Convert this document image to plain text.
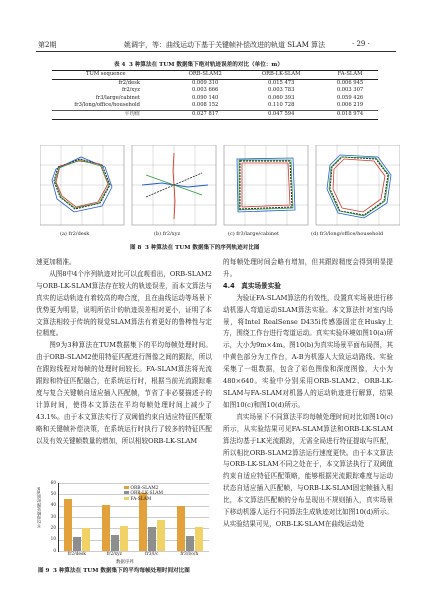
第2期	姚调宇，等：曲线运动下基于关键帧补偿改进的轨道 SLAM 算法	· 29 ·
表 4 3 种算法在 TUM 数据集下绝对轨迹误差的对比（单位：m）
TUM sequence	ORB-SLAM2	ORB-LK-SLAM	FA-SLAM
fr2/desk	0.009 310	0.015 473	0.006 945
fr2/xyz	0.003 666	0.003 783	0.003 307
fr3/large/cabinet	0.090 140	0.060 393	0.059 426
fr3/long/office/household	0.008 152	0.110 728	0.006 219
平均值	0.027 817	0.047 594	0.018 974
(a) fr2/desk	(b) fr2/xyz	(c) fr3/large/cabinet	(d) fr3/long/office/household
图 8 3 种算法在 TUM 数据集下的序列轨迹对比图

速更加精准。

从图8中4个序列轨迹对比可以直观看出，ORB-SLAM2与ORB-LK-SLAM算法存在较大的轨迹误差，而本文算法与真实的运动轨迹有着较高的吻合度，且在曲线运动等场景下优势更为明显，说明所估计的轨迹误差相对更小，证明了本文算法相较于传统的视觉SLAM算法有着更好的鲁棒性与定位精度。

图9为3种算法在TUM数据集下的平均每帧处理时间。由于ORB-SLAM2使用特征匹配进行图像之间的跟踪，所以在跟踪线程对每帧的处理时间较长。FA-SLAM算法将光流跟踪和特征匹配融合，在系统运行时，根据当前光流跟踪难度与复合关键帧自适应插入匹配帧，节省了非必要描述子的计算时间，使得本文算法在平均每帧处理时间上减少了43.1%。由于本文算法实行了双阈值约束自适应特征匹配策略和关键帧补偿决策，在系统运行时执行了较多的特征匹配以及有效关键帧数量的增加，所以相较ORB-LK-SLAM

平均每帧处理时间/ms
0
10
20
30
40
50
60
ORB-SLAM2
ORB-LK-SLAM
FA-SLAM
fr2/desk	fr2/xyz	fr3/l/c	fr3/l/o/h
数据序列
图 9 3 种算法在 TUM 数据集下的平均每帧处理时间对比图

的每帧处理时间会略有增加，但其跟踪精度会得到明显提升。

4.4　真实场景实验

为验证FA-SLAM算法的有效性，设置真实场景进行移动机器人弯道运动SLAM算法实验。本文算法针对室内场景，将Intel RealSense D435i传感器固定在Husky上方，围绕工作台进行弯道运动。真实实验环境如图10(a)所示，大小为9m×4m。图10(b)为真实场景平面布局图，其中黄色部分为工作台，A-B为机器人大致运动路线。实验采集了一组数据，包含了彩色图像和深度图像，大小为480×640。实验中分别采用ORB-SLAM2、ORB-LK-SLAM与FA-SLAM对机器人的运动轨迹进行解算，结果如图10(c)和图10(d)所示。

真实场景下不同算法平均每帧处理时间对比如图10(c)所示，从实验结果可见FA-SLAM算法和ORB-LK-SLAM算法均基于LK光流跟踪，无需全局进行特征提取与匹配，所以相比ORB-SLAM2算法运行速度更快。由于本文算法与ORB-LK-SLAM不同之处在于，本文算法执行了双阈值约束自适应特征匹配策略，能够根据光流跟踪难度与运动状态自适应插入匹配帧，与ORB-LK-SLAM固定帧插入相比，本文算法匹配帧的分布呈现出不规则插入，真实场景下移动机器人运行不同算法生成轨迹对比如图10(d)所示。从实验结果可见，ORB-LK-SLAM在曲线运动处
